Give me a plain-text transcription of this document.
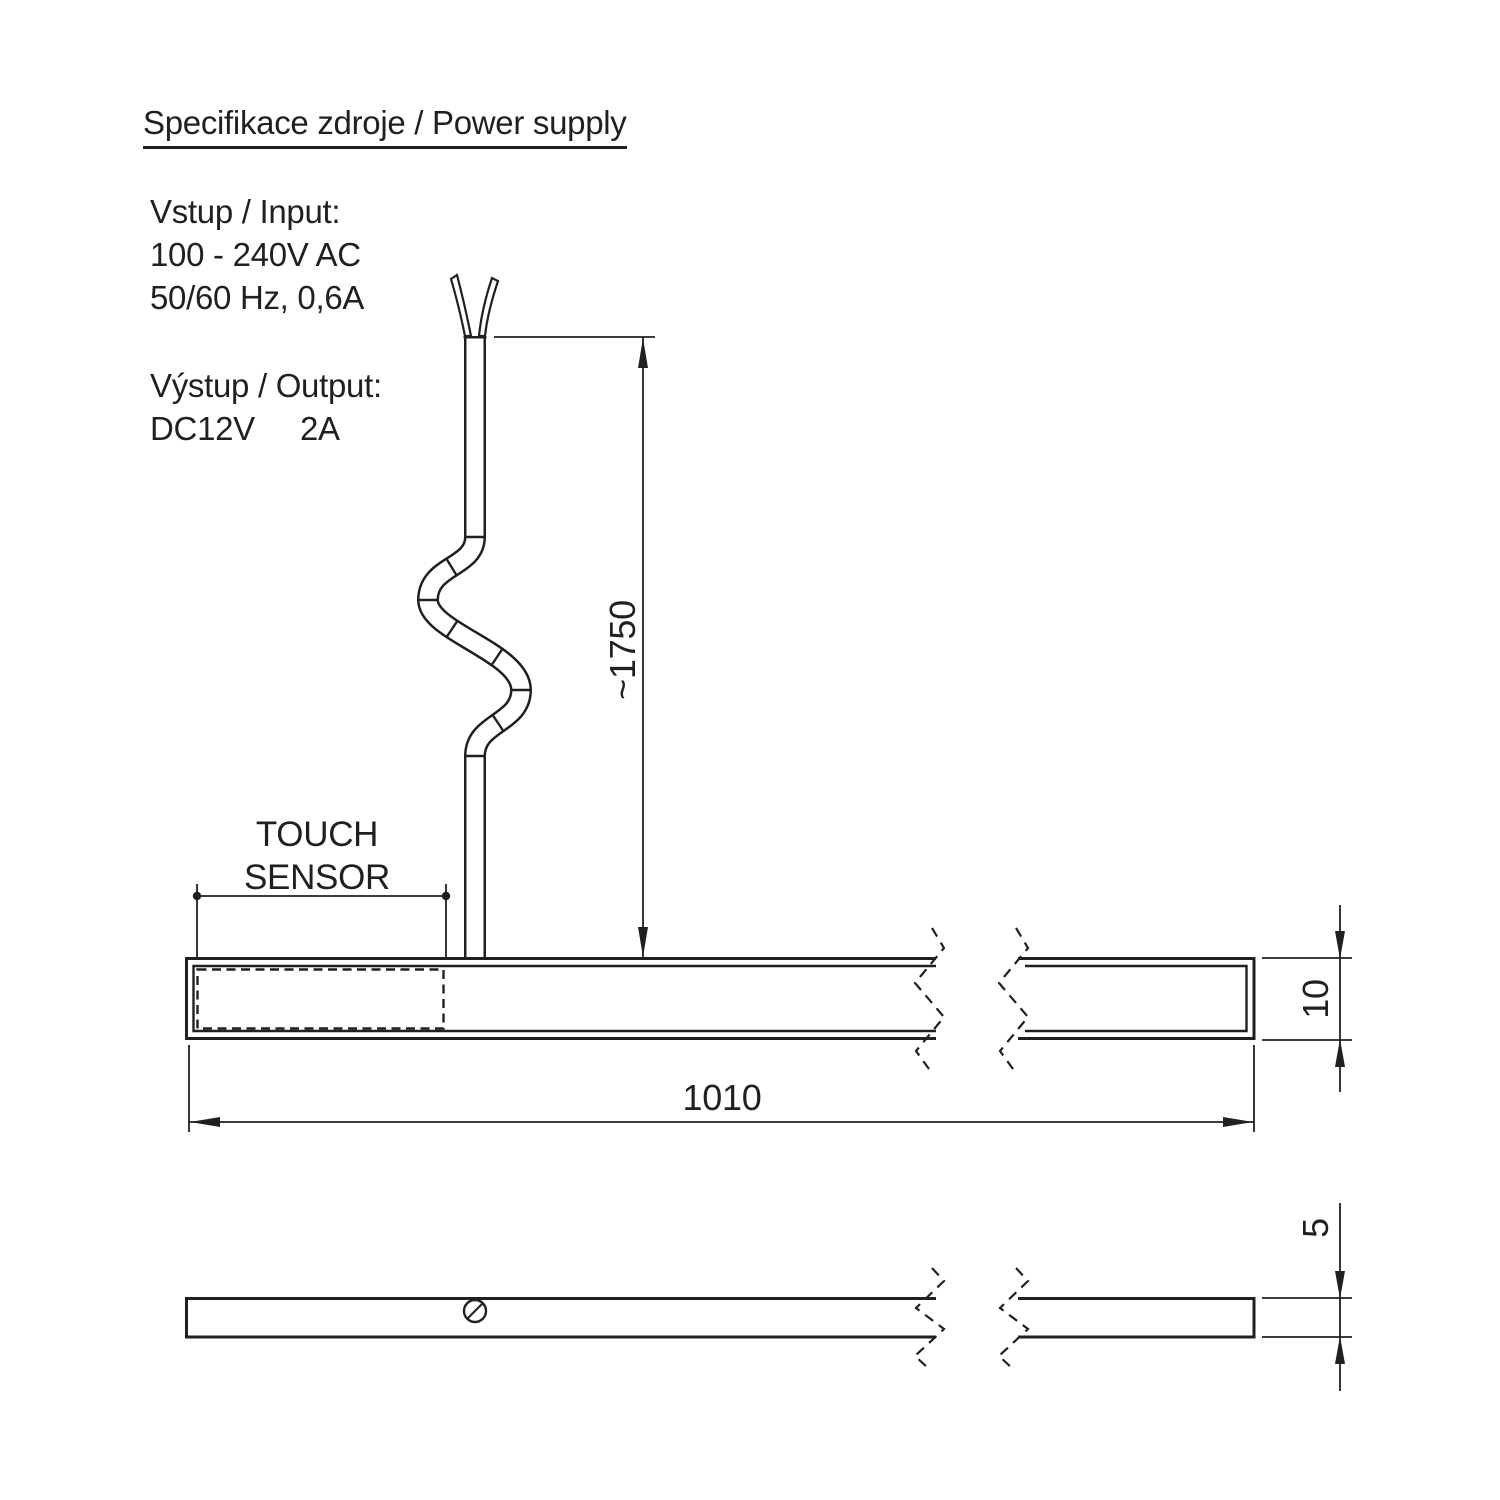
Specifikace zdroje / Power supply
Vstup / Input:
100 - 240V AC
50/60 Hz, 0,6A
Výstup / Output:
DC12V 2A
~1750
TOUCH
SENSOR
1010
10
5
